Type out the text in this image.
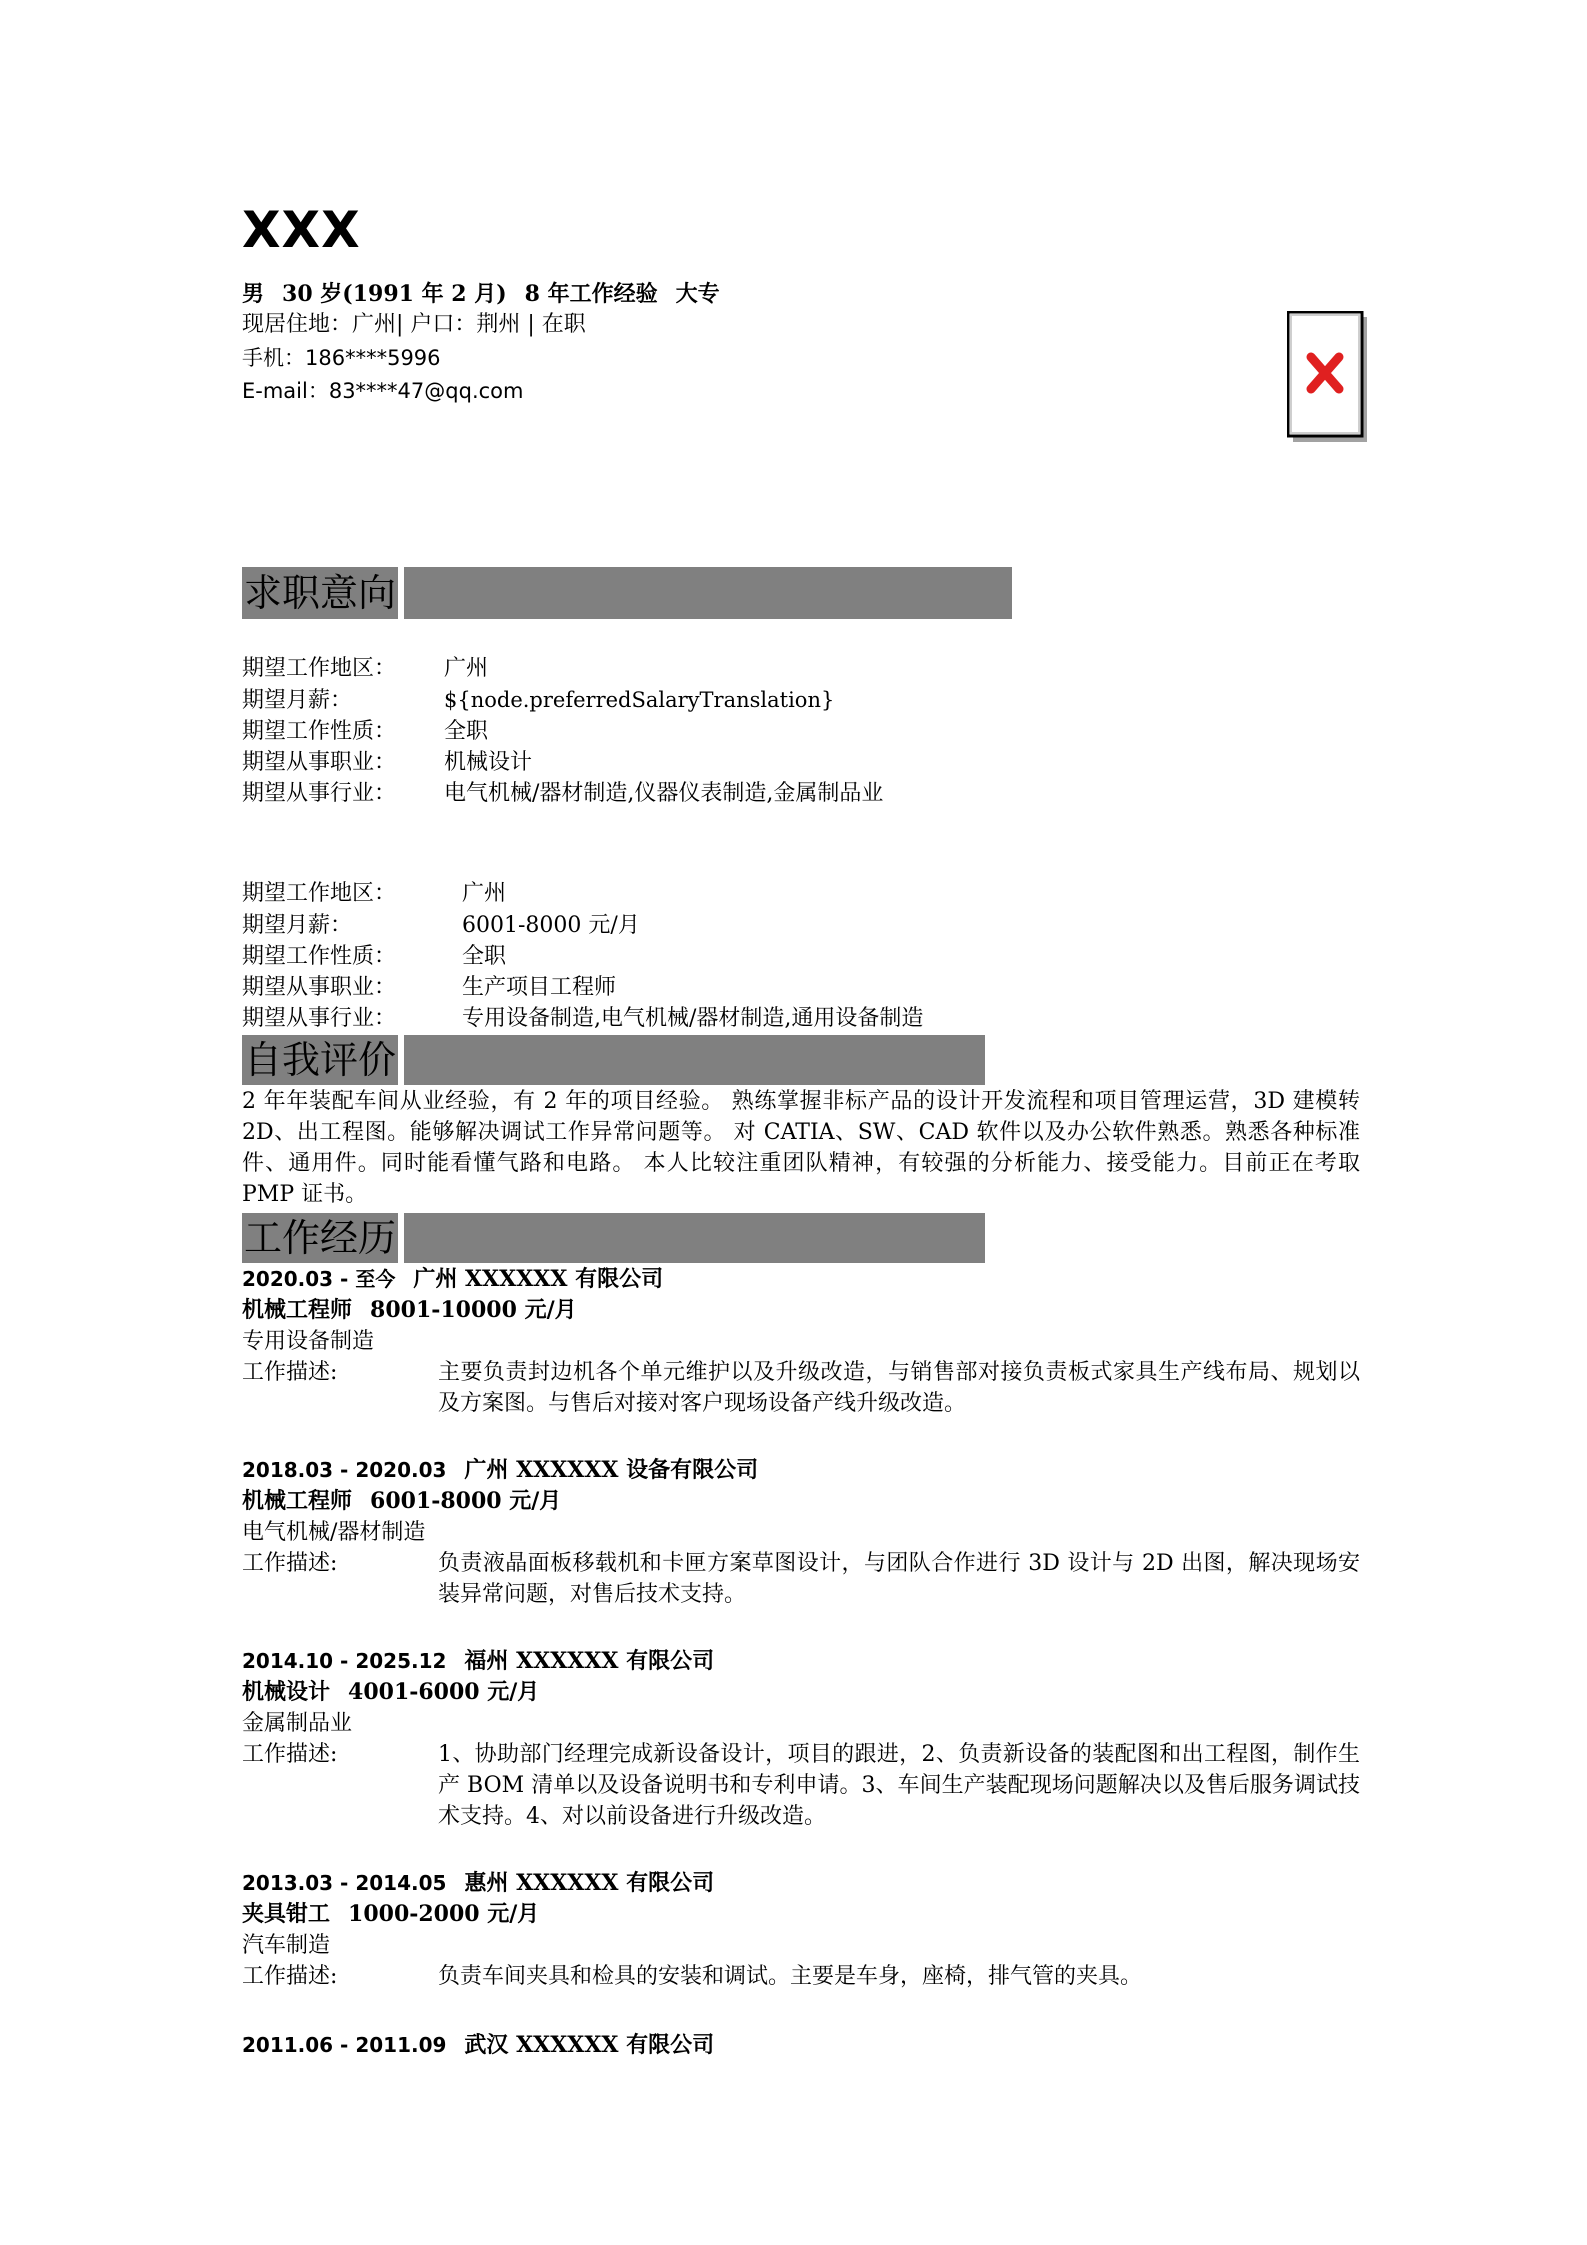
XXX
男 30 岁(1991 年 2 月) 8 年工作经验 大专
现居住地：广州| 户口：荆州 | 在职
手机：186****5996
E-mail：83****47@qq.com
求职意向
期望工作地区： 广州
期望月薪：	${node.preferredSalaryTranslation}
期望工作性质： 全职
期望从事职业： 机械设计
期望从事行业： 电气机械/器材制造,仪器仪表制造,金属制品业
期望工作地区：	广州
期望月薪：	6001-8000 元/月
期望工作性质：	全职
期望从事职业：	生产项目工程师
期望从事行业：	专用设备制造,电气机械/器材制造,通用设备制造
自我评价
2 年年装配车间从业经验，有 2 年的项目经验。 熟练掌握非标产品的设计开发流程和项目管理运营，3D 建模转 2D、出工程图。能够解决调试工作异常问题等。 对 CATIA、SW、CAD 软件以及办公软件熟悉。熟悉各种标准件、通用件。同时能看懂气路和电路。 本人比较注重团队精神，有较强的分析能力、接受能力。目前正在考取 PMP 证书。
工作经历
2020.03 - 至今 广州 XXXXXX 有限公司
机械工程师 8001-10000 元/月
专用设备制造
工作描述:	主要负责封边机各个单元维护以及升级改造，与销售部对接负责板式家具生产线布局、规划以及方案图。与售后对接对客户现场设备产线升级改造。
2018.03 - 2020.03 广州 XXXXXX 设备有限公司
机械工程师 6001-8000 元/月
电气机械/器材制造
工作描述:	负责液晶面板移载机和卡匣方案草图设计，与团队合作进行 3D 设计与 2D 出图，解决现场安装异常问题，对售后技术支持。
2014.10 - 2025.12 福州 XXXXXX 有限公司
机械设计 4001-6000 元/月
金属制品业
工作描述:	1、协助部门经理完成新设备设计，项目的跟进，2、负责新设备的装配图和出工程图，制作生产 BOM 清单以及设备说明书和专利申请。3、车间生产装配现场问题解决以及售后服务调试技术支持。4、对以前设备进行升级改造。
2013.03 - 2014.05 惠州 XXXXXX 有限公司
夹具钳工 1000-2000 元/月
汽车制造
工作描述:	负责车间夹具和检具的安装和调试。主要是车身，座椅，排气管的夹具。
2011.06 - 2011.09 武汉 XXXXXX 有限公司
